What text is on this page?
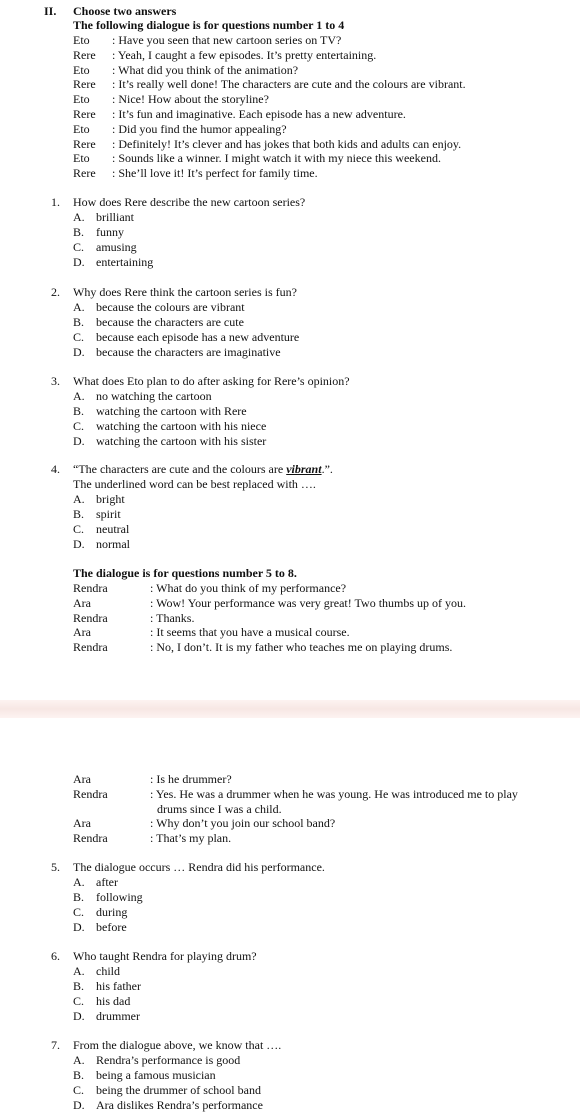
II. Choose two answers
The following dialogue is for questions number 1 to 4
Eto : Have you seen that new cartoon series on TV?
Rere : Yeah, I caught a few episodes. It’s pretty entertaining.
Eto : What did you think of the animation?
Rere : It’s really well done! The characters are cute and the colours are vibrant.
Eto : Nice! How about the storyline?
Rere : It’s fun and imaginative. Each episode has a new adventure.
Eto : Did you find the humor appealing?
Rere : Definitely! It’s clever and has jokes that both kids and adults can enjoy.
Eto : Sounds like a winner. I might watch it with my niece this weekend.
Rere : She’ll love it! It’s perfect for family time.
1. How does Rere describe the new cartoon series?
A. brilliant
B. funny
C. amusing
D. entertaining
2. Why does Rere think the cartoon series is fun?
A. because the colours are vibrant
B. because the characters are cute
C. because each episode has a new adventure
D. because the characters are imaginative
3. What does Eto plan to do after asking for Rere’s opinion?
A. no watching the cartoon
B. watching the cartoon with Rere
C. watching the cartoon with his niece
D. watching the cartoon with his sister
4. “The characters are cute and the colours are vibrant.”.
The underlined word can be best replaced with ….
A. bright
B. spirit
C. neutral
D. normal
The dialogue is for questions number 5 to 8.
Rendra	: What do you think of my performance?
Ara	: Wow! Your performance was very great! Two thumbs up of you.
Rendra	: Thanks.
Ara	: It seems that you have a musical course.
Rendra	: No, I don’t. It is my father who teaches me on playing drums.
Ara	: Is he drummer?
Rendra	: Yes. He was a drummer when he was young. He was introduced me to play
drums since I was a child.
Ara	: Why don’t you join our school band?
Rendra	: That’s my plan.
5. The dialogue occurs … Rendra did his performance.
A. after
B. following
C. during
D. before
6. Who taught Rendra for playing drum?
A. child
B. his father
C. his dad
D. drummer
7. From the dialogue above, we know that ….
A. Rendra’s performance is good
B. being a famous musician
C. being the drummer of school band
D. Ara dislikes Rendra’s performance
